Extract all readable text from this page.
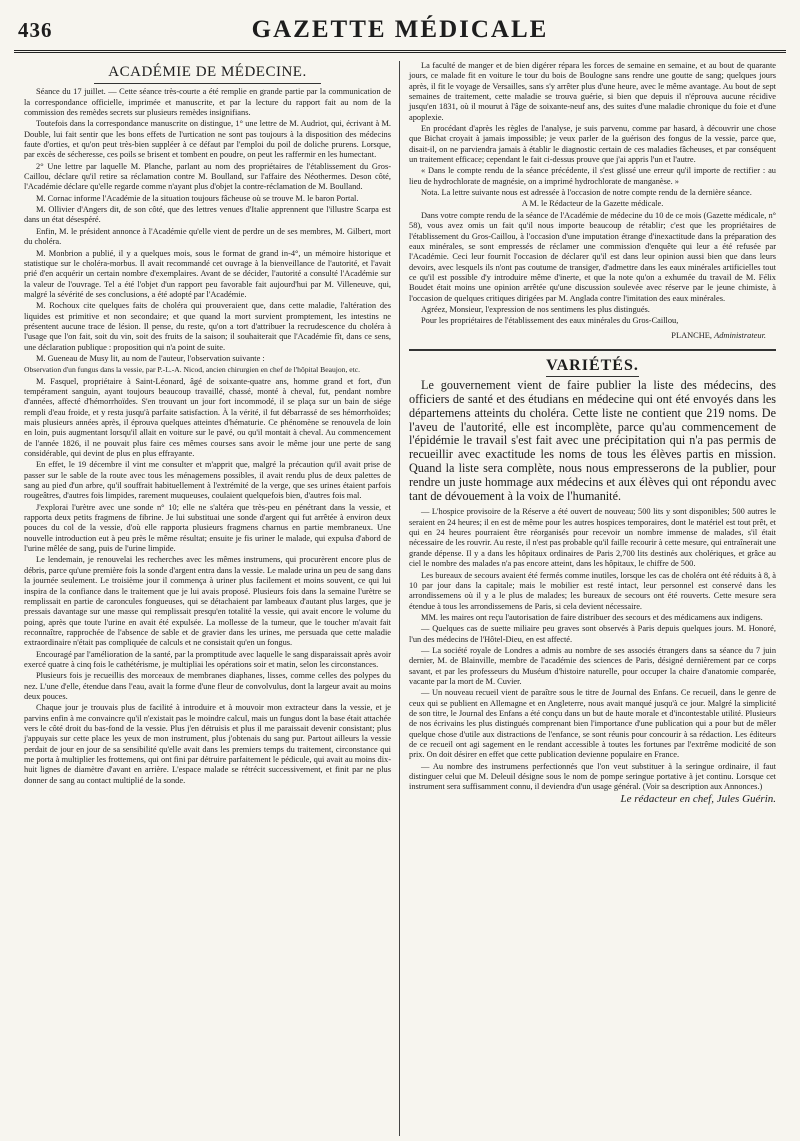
436	GAZETTE MÉDICALE
ACADÉMIE DE MÉDECINE.

Séance du 17 juillet. — Cette séance très-courte a été remplie en grande partie par la communication de la correspondance officielle, imprimée et manuscrite, et par la lecture du rapport fait au nom de la commission des remèdes secrets sur plusieurs remèdes insignifians.

Toutefois dans la correspondance manuscrite on distingue, 1° une lettre de M. Audriot, qui, écrivant à M. Double, lui fait sentir que les bons effets de l'urtication ne sont pas toujours à la disposition des médecins faute d'orties, et qu'on peut très-bien suppléer à ce défaut par l'emploi du poil de doliche prurens. Lorsque, par excès de sécheresse, ces poils se brisent et tombent en poudre, on peut les raffermir en les humectant.

2° Une lettre par laquelle M. Planche, parlant au nom des propriétaires de l'établissement du Gros-Caillou, déclare qu'il retire sa réclamation contre M. Boulland, sur l'affaire des Néothermes. Deson côté, l'Académie déclare qu'elle regarde comme n'ayant plus d'objet la contre-réclamation de M. Boulland.

M. Cornac informe l'Académie de la situation toujours fâcheuse où se trouve M. le baron Portal.

M. Ollivier d'Angers dit, de son côté, que des lettres venues d'Italie apprennent que l'illustre Scarpa est dans un état désespéré.

Enfin, M. le président annonce à l'Académie qu'elle vient de perdre un de ses membres, M. Gilbert, mort du choléra.

M. Monbrion a publié, il y a quelques mois, sous le format de grand in-4°, un mémoire historique et statistique sur le choléra-morbus. Il avait recommandé cet ouvrage à la bienveillance de l'autorité, et l'avait prié d'en acquérir un certain nombre d'exemplaires. Avant de se décider, l'autorité a consulté l'Académie sur la valeur de l'ouvrage. Tel a été l'objet d'un rapport peu favorable fait aujourd'hui par M. Villeneuve, qui, malgré la sévérité de ses conclusions, a été adopté par l'Académie.

M. Rochoux cite quelques faits de choléra qui prouveraient que, dans cette maladie, l'altération des liquides est primitive et non secondaire; et que quand la mort survient promptement, les intestins ne présentent aucune trace de lésion. Il pense, du reste, qu'on a tort d'attribuer la recrudescence du choléra à l'usage que l'on fait, soit du vin, soit des fruits de la saison; il souhaiterait que l'Académie fît, dans ce sens, une déclaration publique : proposition qui n'a point de suite.

M. Gueneau de Musy lit, au nom de l'auteur, l'observation suivante :

Observation d'un fungus dans la vessie, par P.-L.-A. Nicod, ancien chirurgien en chef de l'hôpital Beaujon, etc.

M. Fasquel, propriétaire à Saint-Léonard, âgé de soixante-quatre ans, homme grand et fort, d'un tempérament sanguin, ayant toujours beaucoup travaillé, chassé, monté à cheval, fut, pendant nombre d'années, affecté d'hémorrhoïdes. S'en trouvant un jour fort incommodé, il se plaça sur un bain de siége rempli d'eau froide, et y resta jusqu'à parfaite satisfaction. À la vérité, il fut débarrassé de ses hémorrhoïdes; mais plusieurs années après, il éprouva quelques atteintes d'hématurie. Ce phénomène se renouvela de loin en loin, puis augmentant lorsqu'il allait en voiture sur le pavé, ou qu'il montait à cheval. Au commencement de l'année 1826, il ne pouvait plus faire ces mêmes courses sans avoir le même jour une perte de sang considérable, qui devint de plus en plus effrayante.

En effet, le 19 décembre il vint me consulter et m'apprit que, malgré la précaution qu'il avait prise de passer sur le sable de la route avec tous les ménagemens possibles, il avait rendu plus de deux palettes de sang au pied d'un arbre, qu'il souffrait habituellement à l'extrémité de la verge, que ses urines étaient parfois rougeâtres, d'autres fois limpides, rarement muqueuses, coulaient quelquefois bien, d'autres fois mal.

J'explorai l'urètre avec une sonde n° 10; elle ne s'altéra que très-peu en pénétrant dans la vessie, et rapporta deux petits fragmens de fibrine. Je lui substituai une sonde d'argent qui fut arrêtée à environ deux pouces du col de la vessie, d'où elle rapporta plusieurs fragmens charnus en partie membraneux. Une nouvelle introduction eut à peu près le même résultat; ensuite je fis uriner le malade, qui expulsa d'abord de l'urine mêlée de sang, puis de l'urine limpide.

Le lendemain, je renouvelai les recherches avec les mêmes instrumens, qui procurèrent encore plus de débris, parce qu'une première fois la sonde d'argent entra dans la vessie. Le malade urina un peu de sang dans la journée seulement. Le troisième jour il commença à uriner plus facilement et moins souvent, ce qui lui inspira de la confiance dans le traitement que je lui avais proposé. Plusieurs fois dans la semaine l'urètre se remplissait en partie de caroncules fongueuses, qui se détachaient par lambeaux d'autant plus larges, que je pressais davantage sur une masse qui remplissait presqu'en totalité la vessie, qui avait encore le volume du poing, après que toute l'urine en avait été expulsée. La mollesse de la tumeur, que le toucher m'avait fait reconnaître, rapprochée de l'absence de sable et de gravier dans les urines, me persuada que cette maladie extraordinaire n'était pas compliquée de calculs et ne consistait qu'en un fongus.

Encouragé par l'amélioration de la santé, par la promptitude avec laquelle le sang disparaissait après avoir exercé quatre à cinq fois le cathétérisme, je multipliai les opérations soir et matin, selon les circonstances.

Plusieurs fois je recueillis des morceaux de membranes diaphanes, lisses, comme celles des polypes du nez. L'une d'elle, étendue dans l'eau, avait la forme d'une fleur de convolvulus, dont la largeur avait au moins deux pouces.

Chaque jour je trouvais plus de facilité à introduire et à mouvoir mon extracteur dans la vessie, et je parvins enfin à me convaincre qu'il n'existait pas le moindre calcul, mais un fungus dont la base était attachée vers le côté droit du bas-fond de la vessie. Plus j'en détruisis et plus il me paraissait devenir consistant; plus j'appuyais sur cette place les yeux de mon instrument, plus j'obtenais du sang pur. Partout ailleurs la vessie perdait de jour en jour de sa sensibilité qu'elle avait dans les premiers temps du traitement, circonstance qui me porta à multiplier les frottemens, qui ont fini par détruire parfaitement le pédicule, qui avait au moins dix-huit lignes de diamètre d'avant en arrière. L'espace malade se rétrécit successivement, et finit par ne plus donner de sang au contact multiplié de la sonde.

La faculté de manger et de bien digérer répara les forces de semaine en semaine, et au bout de quarante jours, ce malade fit en voiture le tour du bois de Boulogne sans rendre une goutte de sang; quelques jours après, il fit le voyage de Versailles, sans s'y arrêter plus d'une heure, avec le même avantage. Au bout de sept semaines de traitement, cette maladie se trouva guérie, si bien que depuis il n'éprouva aucune récidive jusqu'en 1831, où il mourut à l'âge de soixante-neuf ans, des suites d'une maladie chronique du foie et d'une apoplexie.

En procédant d'après les règles de l'analyse, je suis parvenu, comme par hasard, à découvrir une chose que Bichat croyait à jamais impossible; je veux parler de la guérison des fongus de la vessie, parce que, disait-il, on ne parviendra jamais à établir le diagnostic certain de ces maladies fâcheuses, et par conséquent un traitement efficace; cependant le fait ci-dessus prouve que j'ai appris l'un et l'autre.

« Dans le compte rendu de la séance précédente, il s'est glissé une erreur qu'il importe de rectifier : au lieu de hydrochlorate de magnésie, on a imprimé hydrochlorate de manganèse. »

Nota. La lettre suivante nous est adressée à l'occasion de notre compte rendu de la dernière séance.

A M. le Rédacteur de la Gazette médicale.

Dans votre compte rendu de la séance de l'Académie de médecine du 10 de ce mois (Gazette médicale, n° 58), vous avez omis un fait qu'il nous importe beaucoup de rétablir; c'est que les propriétaires de l'établissement du Gros-Caillou, à l'occasion d'une imputation étrange d'inexactitude dans la préparation des eaux minérales, se sont empressés de réclamer une commission d'enquête qui leur a été refusée par l'Académie. Ceci leur fournit l'occasion de déclarer qu'il est dans leur opinion aussi bien que dans leurs devoirs, avec lesquels ils n'ont pas coutume de transiger, d'admettre dans les eaux minérales artificielles tout ce qu'il est possible d'y introduire même d'inerte, et que la note qu'on a exhumée du travail de M. Félix Boudet était moins une opinion arrêtée qu'une discussion soulevée avec réserve par le jeune chimiste, à l'occasion de quelques critiques dirigées par M. Anglada contre l'imitation des eaux minérales.

Agréez, Monsieur, l'expression de nos sentimens les plus distingués.

Pour les propriétaires de l'établissement des eaux minérales du Gros-Caillou,

PLANCHE, Administrateur.

VARIÉTÉS.

Le gouvernement vient de faire publier la liste des médecins, des officiers de santé et des étudians en médecine qui ont été envoyés dans les départemens atteints du choléra. Cette liste ne contient que 219 noms. De l'aveu de l'autorité, elle est incomplète, parce qu'au commencement de l'épidémie le travail s'est fait avec une précipitation qui n'a pas permis de recueillir avec exactitude les noms de tous les élèves partis en mission. Quand la liste sera complète, nous nous empresserons de la publier, pour rendre un juste hommage aux médecins et aux élèves qui ont répondu avec tant de dévouement à la voix de l'humanité.

— L'hospice provisoire de la Réserve a été ouvert de nouveau; 500 lits y sont disponibles; 500 autres le seraient en 24 heures; il en est de même pour les autres hospices temporaires, dont le matériel est tout prêt, et qui en 24 heures pourraient être réorganisés pour recevoir un nombre immense de malades, s'il était nécessaire de les rouvrir. Au reste, il n'est pas probable qu'il faille recourir à cette mesure, qui entraînerait une grande dépense. Il y a dans les hôpitaux ordinaires de Paris 2,700 lits destinés aux cholériques, et grâce au ciel le nombre des malades n'a pas encore atteint, dans les hôpitaux, le chiffre de 500.

Les bureaux de secours avaient été fermés comme inutiles, lorsque les cas de choléra ont été réduits à 8, à 10 par jour dans la capitale; mais le mobilier est resté intact, leur personnel est conservé dans les arrondissemens où il y a le plus de malades; les bureaux de secours ont été rouverts. Cette mesure sera étendue à tous les arrondissemens de Paris, si cela devient nécessaire.

MM. les maires ont reçu l'autorisation de faire distribuer des secours et des médicamens aux indigens.

— Quelques cas de suette miliaire peu graves sont observés à Paris depuis quelques jours. M. Honoré, l'un des médecins de l'Hôtel-Dieu, en est affecté.

— La société royale de Londres a admis au nombre de ses associés étrangers dans sa séance du 7 juin dernier, M. de Blainville, membre de l'académie des sciences de Paris, désigné dernièrement par ce corps savant, et par les professeurs du Muséum d'histoire naturelle, pour occuper la chaire d'anatomie comparée, vacante par la mort de M. Cuvier.

— Un nouveau recueil vient de paraître sous le titre de Journal des Enfans. Ce recueil, dans le genre de ceux qui se publient en Allemagne et en Angleterre, nous avait manqué jusqu'à ce jour. Malgré la simplicité de son titre, le Journal des Enfans a été conçu dans un but de haute morale et d'incontestable utilité. Plusieurs de nos écrivains les plus distingués comprenant bien l'importance d'une publication qui a pour but de mêler quelque chose d'utile aux distractions de l'enfance, se sont réunis pour concourir à sa rédaction. Les éditeurs de ce recueil ont agi sagement en le rendant accessible à toutes les fortunes par l'extrême modicité de son prix. On doit désirer en effet que cette publication devienne populaire en France.

— Au nombre des instrumens perfectionnés que l'on veut substituer à la seringue ordinaire, il faut distinguer celui que M. Deleuil désigne sous le nom de pompe seringue portative à jet continu. Lorsque cet instrument sera suffisamment connu, il deviendra d'un usage général. (Voir sa description aux Annonces.)

Le rédacteur en chef, Jules Guérin.
